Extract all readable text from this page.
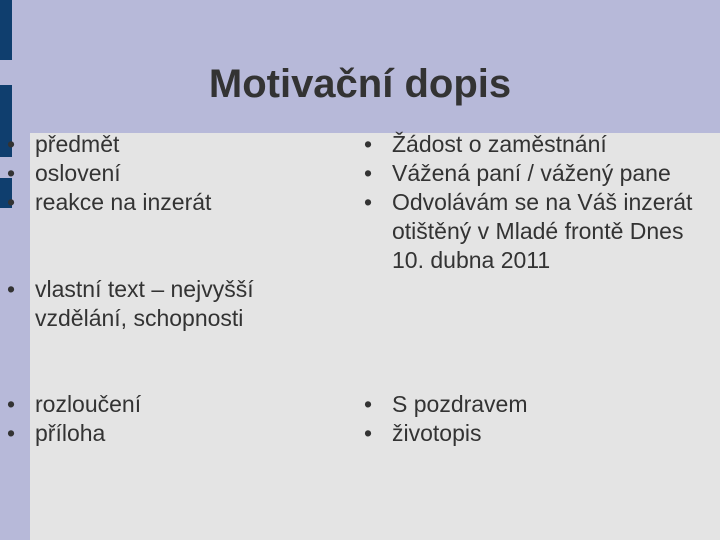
Motivační dopis
• předmět
• oslovení
• reakce na inzerát
• vlastní text – nejvyšší vzdělání, schopnosti
• rozloučení
• příloha
• Žádost o zaměstnání
• Vážená paní / vážený pane
• Odvolávám se na Váš inzerát otištěný v Mladé frontě Dnes 10. dubna 2011
• S pozdravem
• životopis
